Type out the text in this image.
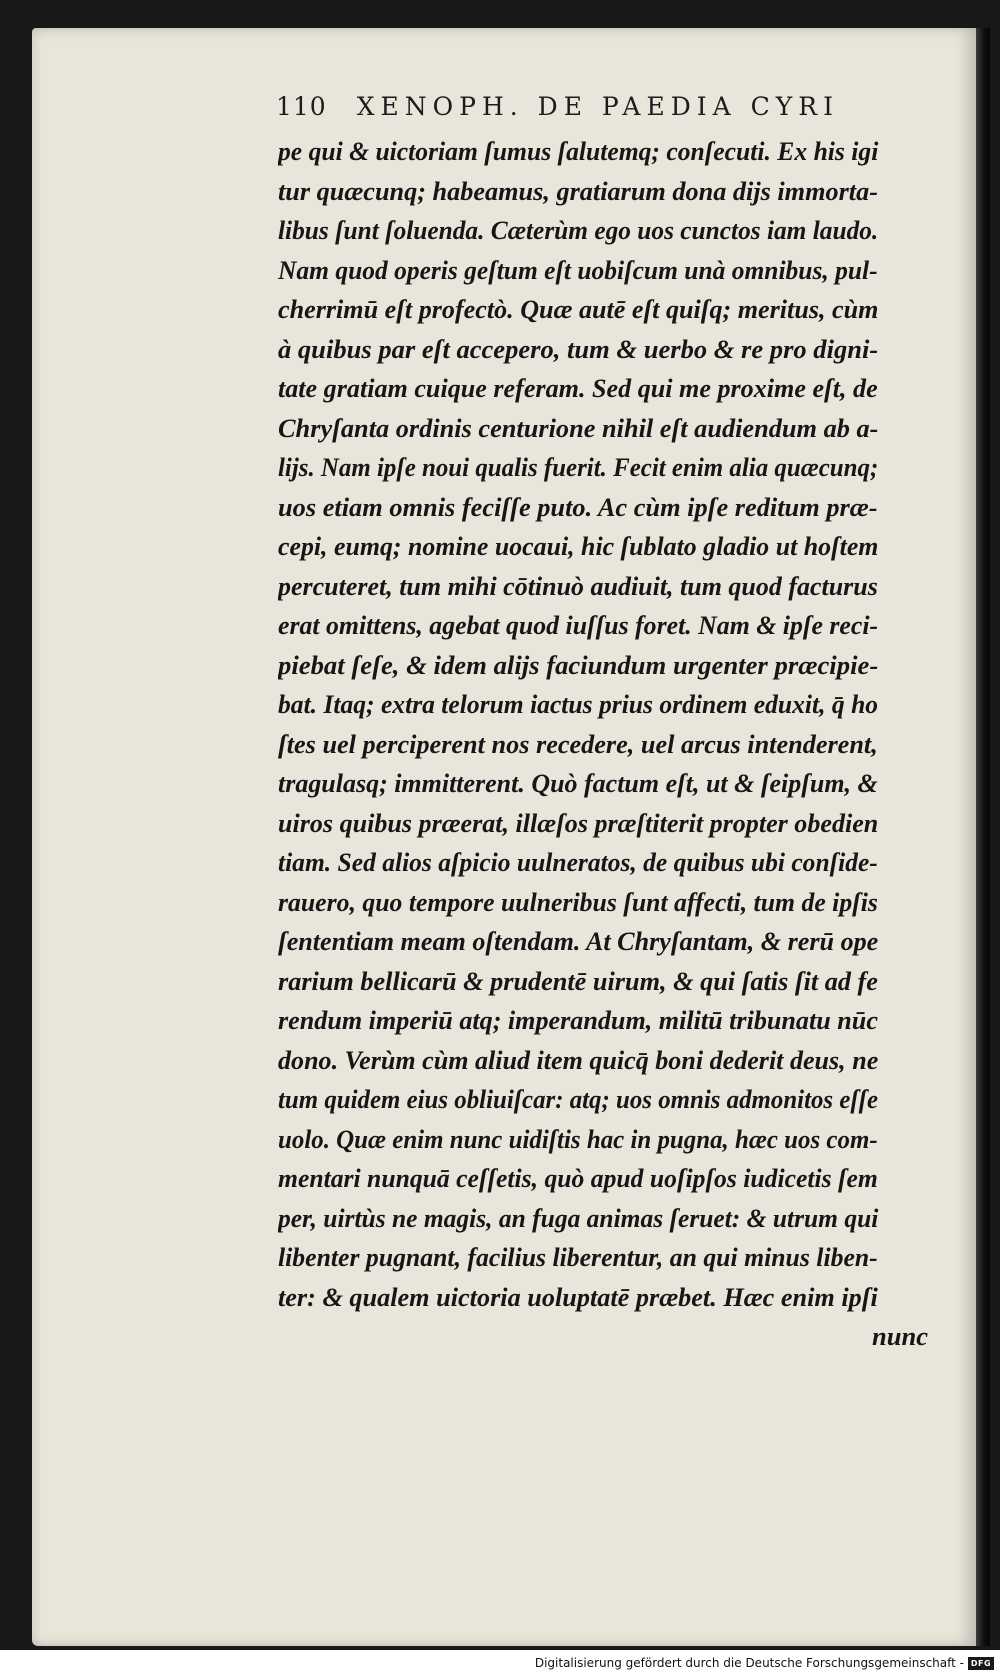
110 XENOPH. DE PAEDIA CYRI
pe qui & uictoriam ſumus ſalutemq; conſecuti. Ex his igi
tur quæcunq; habeamus, gratiarum dona dijs immorta-
libus ſunt ſoluenda. Cæterùm ego uos cunctos iam laudo.
Nam quod operis geſtum eſt uobiſcum unà omnibus, pul-
cherrimū eſt profectò. Quæ autē eſt quiſq; meritus, cùm
à quibus par eſt accepero, tum & uerbo & re pro digni-
tate gratiam cuique referam. Sed qui me proxime eſt, de
Chryſanta ordinis centurione nihil eſt audiendum ab a-
lijs. Nam ipſe noui qualis fuerit. Fecit enim alia quæcunq;
uos etiam omnis feciſſe puto. Ac cùm ipſe reditum præ-
cepi, eumq; nomine uocaui, hic ſublato gladio ut hoſtem
percuteret, tum mihi cōtinuò audiuit, tum quod facturus
erat omittens, agebat quod iuſſus foret. Nam & ipſe reci-
piebat ſeſe, & idem alijs faciundum urgenter præcipie-
bat. Itaq; extra telorum iactus prius ordinem eduxit, q̄ ho
ſtes uel perciperent nos recedere, uel arcus intenderent,
tragulasq; immitterent. Quò factum eſt, ut & ſeipſum, &
uiros quibus præerat, illæſos præſtiterit propter obedien
tiam. Sed alios aſpicio uulneratos, de quibus ubi conſide-
rauero, quo tempore uulneribus ſunt affecti, tum de ipſis
ſententiam meam oſtendam. At Chryſantam, & rerū ope
rarium bellicarū & prudentē uirum, & qui ſatis ſit ad fe
rendum imperiū atq; imperandum, militū tribunatu nūc
dono. Verùm cùm aliud item quicq̄ boni dederit deus, ne
tum quidem eius obliuiſcar: atq; uos omnis admonitos eſſe
uolo. Quæ enim nunc uidiſtis hac in pugna, hæc uos com-
mentari nunquā ceſſetis, quò apud uoſipſos iudicetis ſem
per, uirtùs ne magis, an fuga animas ſeruet: & utrum qui
libenter pugnant, facilius liberentur, an qui minus liben-
ter: & qualem uictoria uoluptatē præbet. Hæc enim ipſi
nunc
Digitalisierung gefördert durch die Deutsche Forschungsgemeinschaft - DFG
